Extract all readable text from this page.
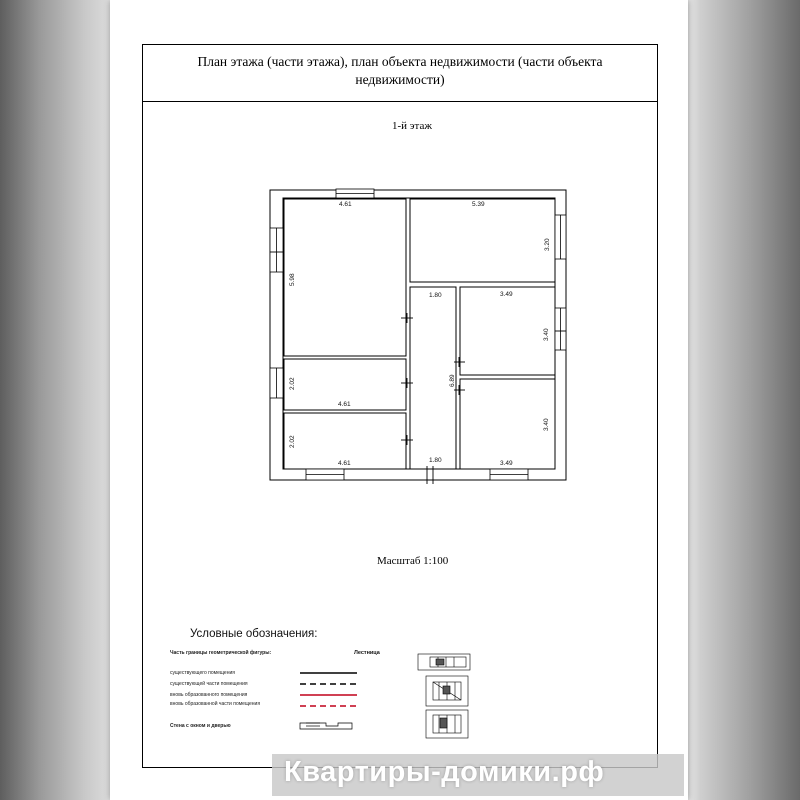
План этажа (части этажа), план объекта недвижимости (части объекта недвижимости)
1-й этаж
4.61
5.98
5.39
3.20
1.80
6.89
1.80
3.49
3.40
3.40
3.49
2.02
4.61
2.02
4.61
Масштаб 1:100
Условные обозначения:
Часть границы геометрической фигуры:
существующего помещения
существующей части помещения
вновь образованного помещения
вновь образованной части помещения
Стена с окном и дверью
Лестница
Квартиры-домики.рф
